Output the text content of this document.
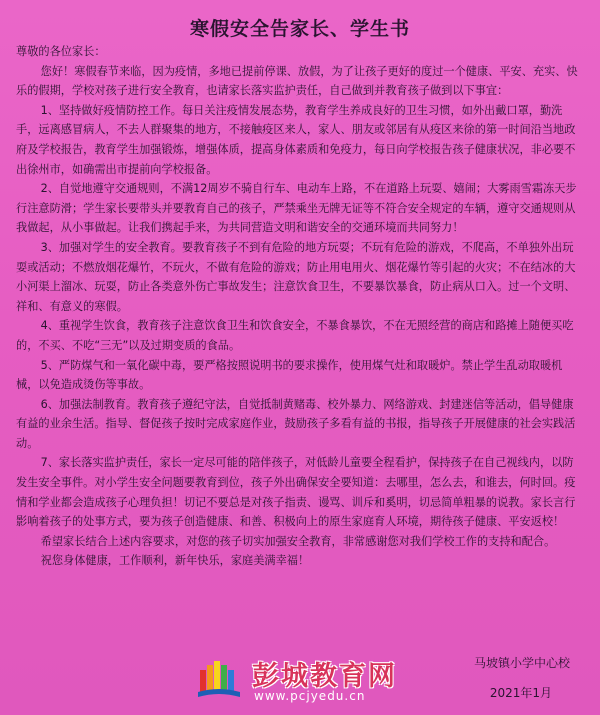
寒假安全告家长、学生书

尊敬的各位家长：

您好！寒假春节来临，因为疫情，多地已提前停课、放假，为了让孩子更好的度过一个健康、平安、充实、快乐的假期，学校对孩子进行安全教育，也请家长落实监护责任，自己做到并教育孩子做到以下事宜：

1、坚持做好疫情防控工作。每日关注疫情发展态势，教育学生养成良好的卫生习惯，如外出戴口罩，勤洗手，远离感冒病人，不去人群聚集的地方，不接触疫区来人，家人、朋友或邻居有从疫区来徐的第一时间沿当地政府及学校报告，教育学生加强锻炼，增强体质，提高身体素质和免疫力，每日向学校报告孩子健康状况，非必要不出徐州市，如确需出市提前向学校报备。

2、自觉地遵守交通规则，不满12周岁不骑自行车、电动车上路，不在道路上玩耍、嬉闹；大雾雨雪霜冻天步行注意防滑；学生家长要带头并要教育自己的孩子，严禁乘坐无牌无证等不符合安全规定的车辆，遵守交通规则从我做起，从小事做起。让我们携起手来，为共同营造文明和谐安全的交通环境而共同努力！

3、加强对学生的安全教育。要教育孩子不到有危险的地方玩耍；不玩有危险的游戏，不爬高，不单独外出玩耍或活动；不燃放烟花爆竹，不玩火，不做有危险的游戏；防止用电用火、烟花爆竹等引起的火灾；不在结冰的大小河渠上溜冰、玩耍，防止各类意外伤亡事故发生；注意饮食卫生，不要暴饮暴食，防止病从口入。过一个文明、祥和、有意义的寒假。

4、重视学生饮食，教育孩子注意饮食卫生和饮食安全，不暴食暴饮，不在无照经营的商店和路摊上随便买吃的，不买、不吃“三无”以及过期变质的食品。

5、严防煤气和一氧化碳中毒，要严格按照说明书的要求操作，使用煤气灶和取暖炉。禁止学生乱动取暖机械，以免造成烫伤等事故。

6、加强法制教育。教育孩子遵纪守法，自觉抵制黄赌毒、校外暴力、网络游戏、封建迷信等活动，倡导健康有益的业余生活。指导、督促孩子按时完成家庭作业，鼓励孩子多看有益的书报，指导孩子开展健康的社会实践活动。

7、家长落实监护责任，家长一定尽可能的陪伴孩子，对低龄儿童要全程看护，保持孩子在自己视线内，以防发生安全事件。对小学生安全问题要教育到位，孩子外出确保安全要知道：去哪里，怎么去，和谁去，何时回。疫情和学业都会造成孩子心理负担！切记不要总是对孩子指责、谩骂、训斥和奚明，切忌简单粗暴的说教。家长言行影响着孩子的处事方式，要为孩子创造健康、和善、积极向上的原生家庭育人环境，期待孩子健康、平安返校！

希望家长结合上述内容要求，对您的孩子切实加强安全教育，非常感谢您对我们学校工作的支持和配合。

祝您身体健康，工作顺利，新年快乐，家庭美满幸福！

马坡镇小学中心校
2021年1月
彭城教育网
www.pcjyedu.cn
